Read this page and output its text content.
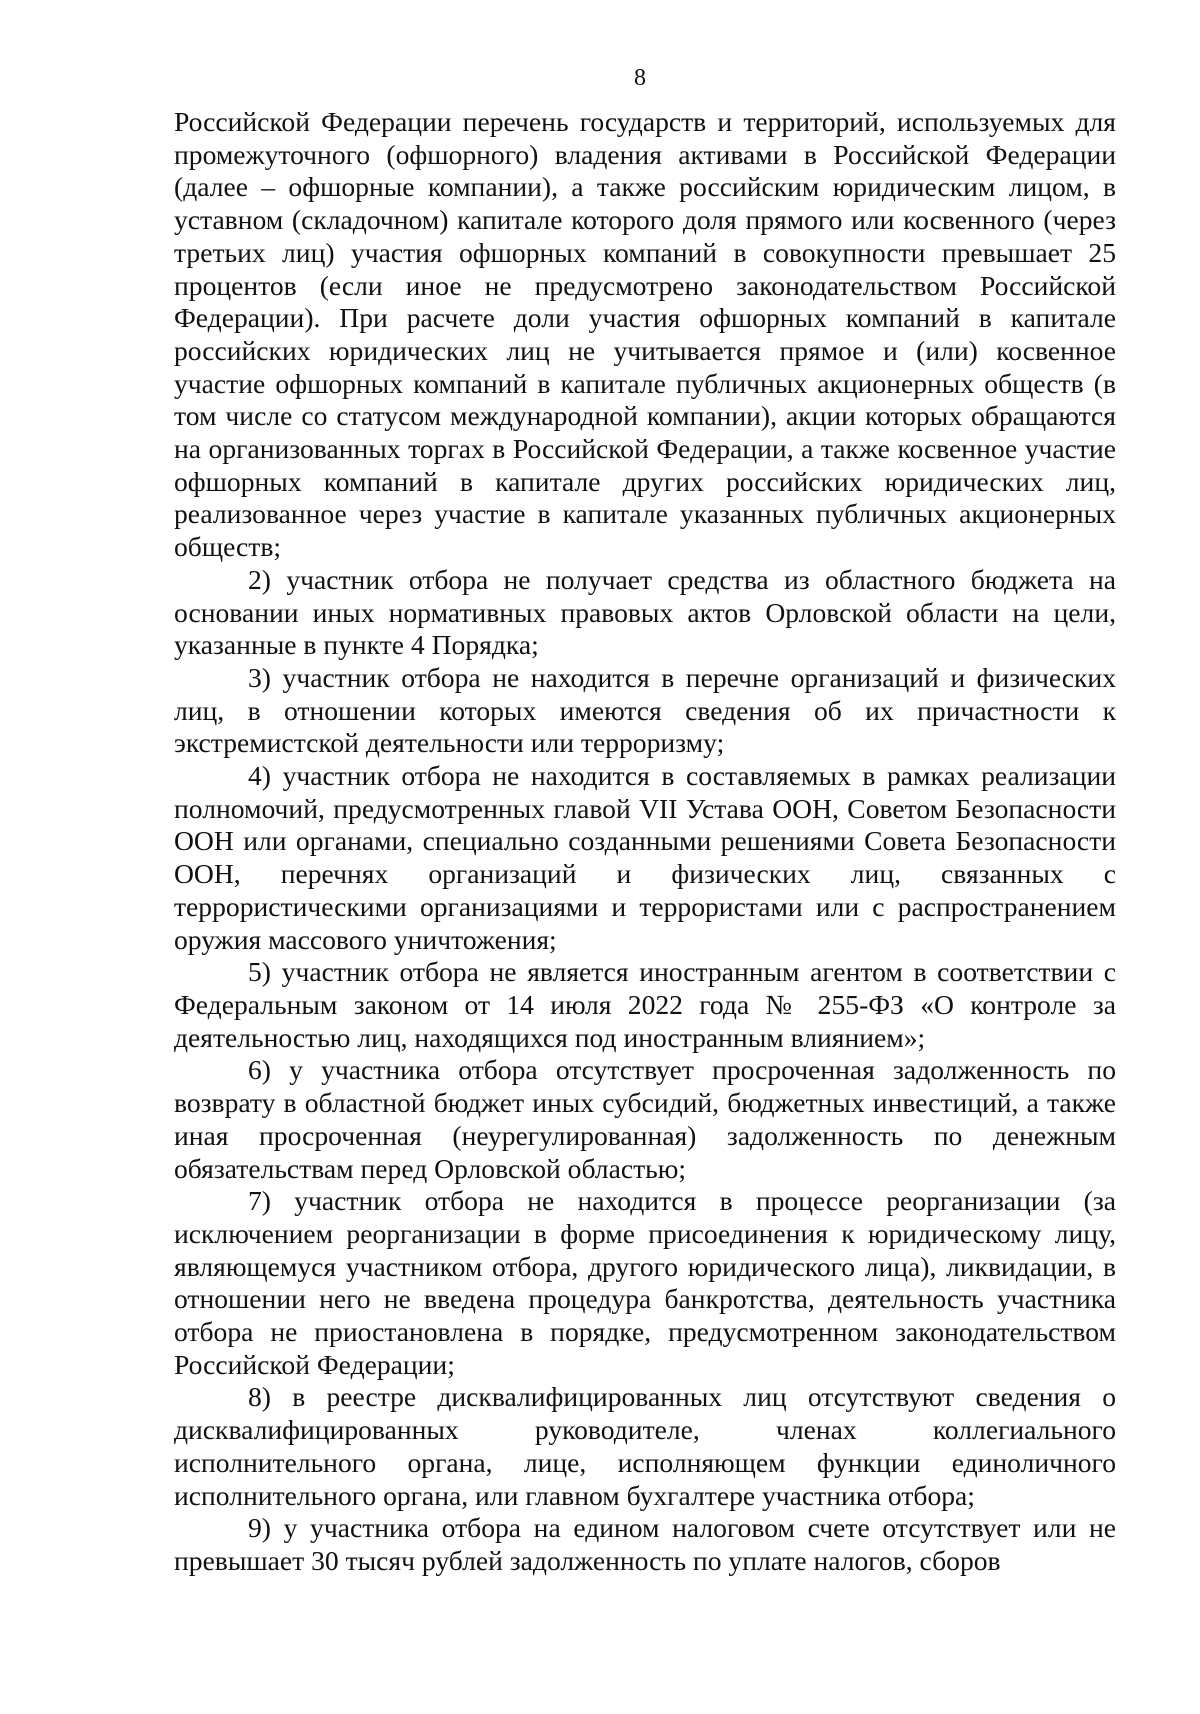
8

Российской Федерации перечень государств и территорий, используемых для промежуточного (офшорного) владения активами в Российской Федерации (далее – офшорные компании), а также российским юридическим лицом, в уставном (складочном) капитале которого доля прямого или косвенного (через третьих лиц) участия офшорных компаний в совокупности превышает 25 процентов (если иное не предусмотрено законодательством Российской Федерации). При расчете доли участия офшорных компаний в капитале российских юридических лиц не учитывается прямое и (или) косвенное участие офшорных компаний в капитале публичных акционерных обществ (в том числе со статусом международной компании), акции которых обращаются на организованных торгах в Российской Федерации, а также косвенное участие офшорных компаний в капитале других российских юридических лиц, реализованное через участие в капитале указанных публичных акционерных обществ;

2) участник отбора не получает средства из областного бюджета на основании иных нормативных правовых актов Орловской области на цели, указанные в пункте 4 Порядка;

3) участник отбора не находится в перечне организаций и физических лиц, в отношении которых имеются сведения об их причастности к экстремистской деятельности или терроризму;

4) участник отбора не находится в составляемых в рамках реализации полномочий, предусмотренных главой VII Устава ООН, Советом Безопасности ООН или органами, специально созданными решениями Совета Безопасности ООН, перечнях организаций и физических лиц, связанных с террористическими организациями и террористами или с распространением оружия массового уничтожения;

5) участник отбора не является иностранным агентом в соответствии с Федеральным законом от 14 июля 2022 года № 255-ФЗ «О контроле за деятельностью лиц, находящихся под иностранным влиянием»;

6) у участника отбора отсутствует просроченная задолженность по возврату в областной бюджет иных субсидий, бюджетных инвестиций, а также иная просроченная (неурегулированная) задолженность по денежным обязательствам перед Орловской областью;

7) участник отбора не находится в процессе реорганизации (за исключением реорганизации в форме присоединения к юридическому лицу, являющемуся участником отбора, другого юридического лица), ликвидации, в отношении него не введена процедура банкротства, деятельность участника отбора не приостановлена в порядке, предусмотренном законодательством Российской Федерации;

8) в реестре дисквалифицированных лиц отсутствуют сведения о дисквалифицированных руководителе, членах коллегиального исполнительного органа, лице, исполняющем функции единоличного исполнительного органа, или главном бухгалтере участника отбора;

9) у участника отбора на едином налоговом счете отсутствует или не превышает 30 тысяч рублей задолженность по уплате налогов, сборов
